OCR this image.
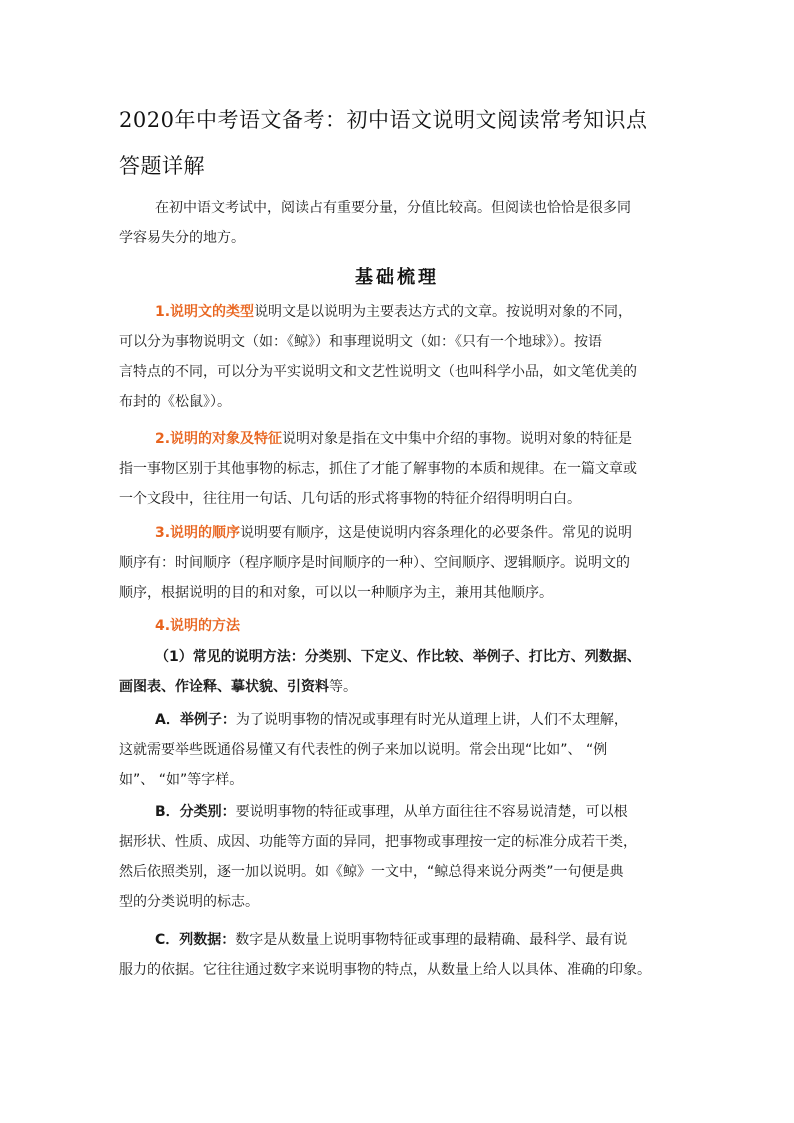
2020年中考语文备考：初中语文说明文阅读常考知识点
答题详解

在初中语文考试中，阅读占有重要分量，分值比较高。但阅读也恰恰是很多同
学容易失分的地方。

基础梳理

1.说明文的类型说明文是以说明为主要表达方式的文章。按说明对象的不同，
可以分为事物说明文（如：《鲸》）和事理说明文（如：《只有一个地球》）。按语
言特点的不同，可以分为平实说明文和文艺性说明文（也叫科学小品，如文笔优美的
布封的《松鼠》）。

2.说明的对象及特征说明对象是指在文中集中介绍的事物。说明对象的特征是
指一事物区别于其他事物的标志，抓住了才能了解事物的本质和规律。在一篇文章或
一个文段中，往往用一句话、几句话的形式将事物的特征介绍得明明白白。

3.说明的顺序说明要有顺序，这是使说明内容条理化的必要条件。常见的说明
顺序有：时间顺序（程序顺序是时间顺序的一种）、空间顺序、逻辑顺序。说明文的
顺序，根据说明的目的和对象，可以以一种顺序为主，兼用其他顺序。

4.说明的方法

（1）常见的说明方法：分类别、下定义、作比较、举例子、打比方、列数据、
画图表、作诠释、摹状貌、引资料等。

A．举例子：为了说明事物的情况或事理有时光从道理上讲，人们不太理解，
这就需要举些既通俗易懂又有代表性的例子来加以说明。常会出现“比如”、 “例
如”、 “如”等字样。

B．分类别：要说明事物的特征或事理，从单方面往往不容易说清楚，可以根
据形状、性质、成因、功能等方面的异同，把事物或事理按一定的标准分成若干类，
然后依照类别，逐一加以说明。如《鲸》一文中，“鲸总得来说分两类”一句便是典
型的分类说明的标志。

C．列数据：数字是从数量上说明事物特征或事理的最精确、最科学、最有说
服力的依据。它往往通过数字来说明事物的特点，从数量上给人以具体、准确的印象。
